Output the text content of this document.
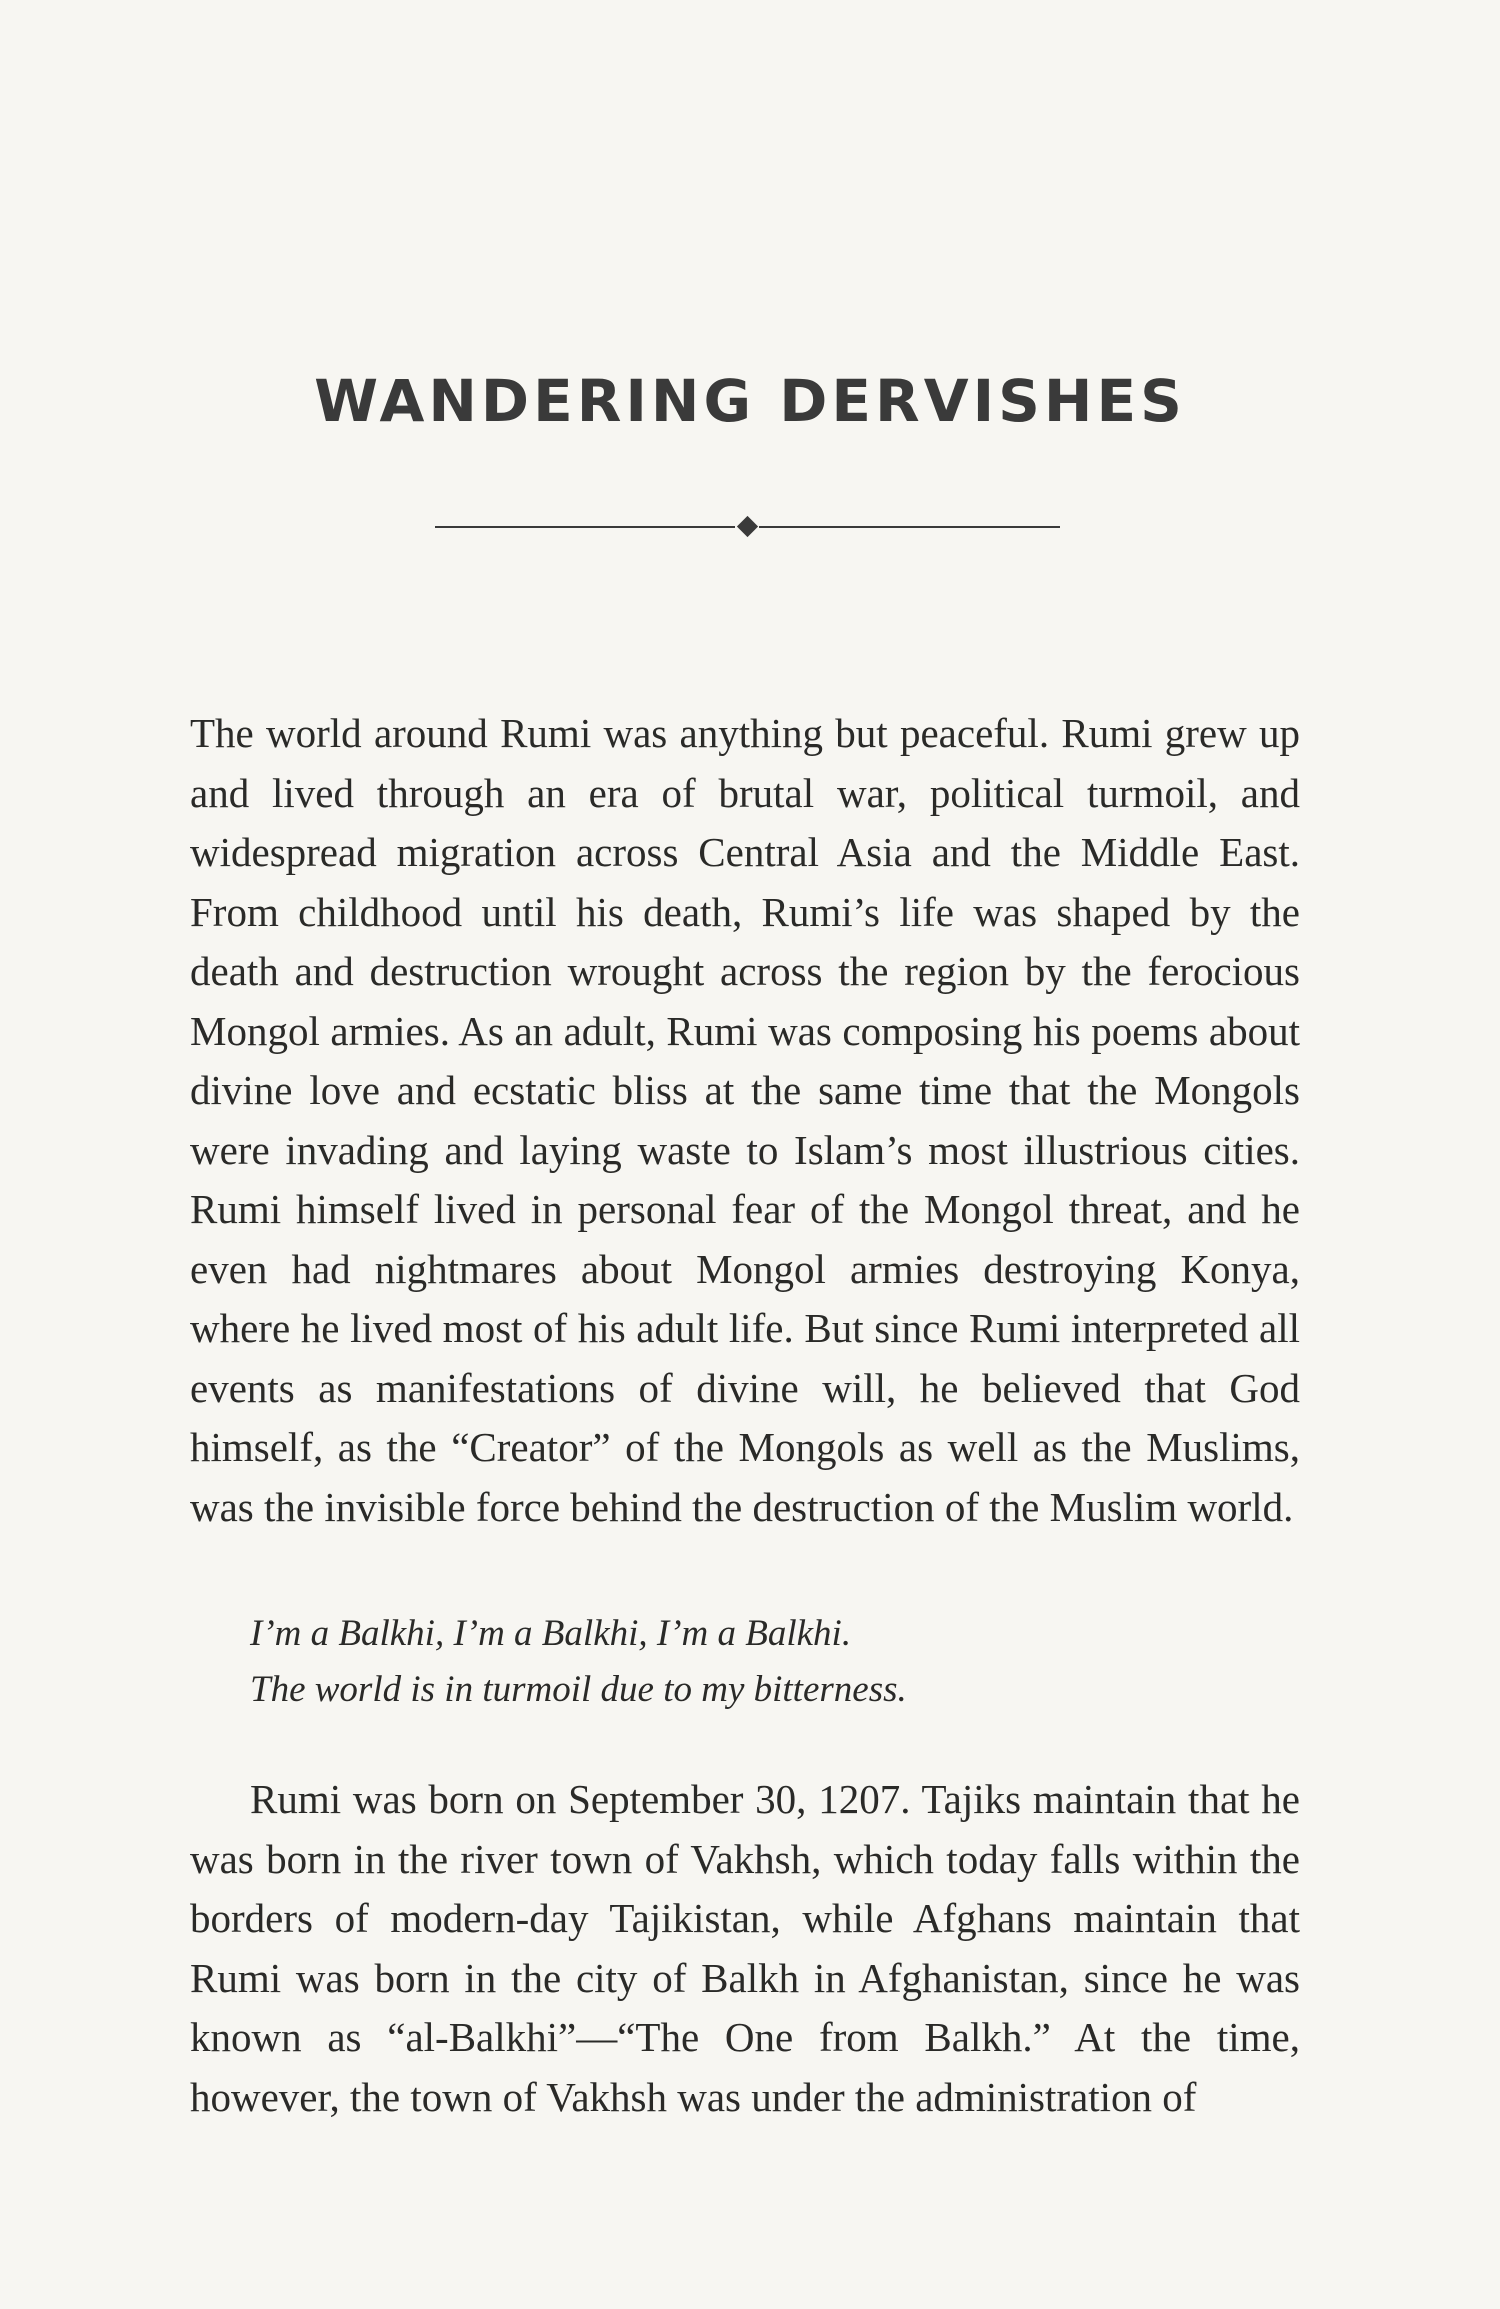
WANDERING DERVISHES

The world around Rumi was anything but peaceful. Rumi grew up and lived through an era of brutal war, political turmoil, and widespread migration across Central Asia and the Middle East. From childhood until his death, Rumi’s life was shaped by the death and destruction wrought across the region by the ferocious Mongol armies. As an adult, Rumi was composing his poems about divine love and ecstatic bliss at the same time that the Mongols were invading and laying waste to Islam’s most illustrious cities. Rumi himself lived in personal fear of the Mongol threat, and he even had nightmares about Mongol armies destroying Konya, where he lived most of his adult life. But since Rumi interpreted all events as manifestations of divine will, he believed that God himself, as the “Creator” of the Mongols as well as the Muslims, was the invisible force behind the destruction of the Muslim world.

I’m a Balkhi, I’m a Balkhi, I’m a Balkhi.
The world is in turmoil due to my bitterness.

Rumi was born on September 30, 1207. Tajiks maintain that he was born in the river town of Vakhsh, which today falls within the borders of modern-day Tajikistan, while Afghans maintain that Rumi was born in the city of Balkh in Afghanistan, since he was known as “al-Balkhi”—“The One from Balkh.” At the time, however, the town of Vakhsh was under the administration of
